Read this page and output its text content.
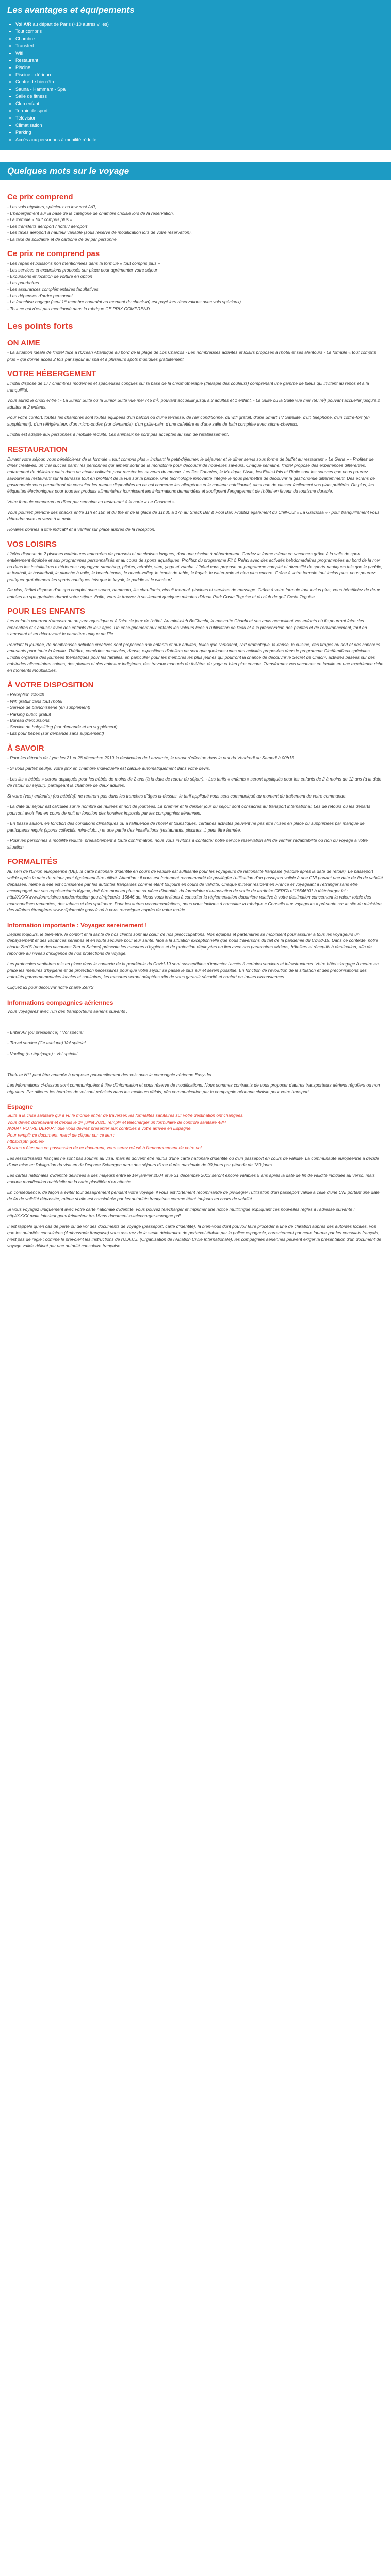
Les avantages et équipements
• Vol A/R au départ de Paris (+10 autres villes)
• Tout compris
• Chambre
• Transfert
• Wifi
• Restaurant
• Piscine
• Piscine extérieure
• Centre de bien-être
• Sauna - Hammam - Spa
• Salle de fitness
• Club enfant
• Terrain de sport
• Télévision
• Climatisation
• Parking
• Accès aux personnes à mobilité réduite
Quelques mots sur le voyage
Ce prix comprend

- Les vols réguliers, spécieux ou low cost A/R,

- L'hébergement sur la base de la catégorie de chambre choisie lors de la réservation,

- La formule « tout compris plus »

- Les transferts aéroport / hôtel / aéroport

- Les taxes aéroport à hauteur variable (sous réserve de modification lors de votre réservation),

- La taxe de solidarité et de carbone de 3€ par personne.

Ce prix ne comprend pas

- Les repas et boissons non mentionnées dans la formule « tout compris plus »

- Les services et excursions proposés sur place pour agrémenter votre séjour

- Excursions et location de voiture en option

- Les pourboires

- Les assurances complémentaires facultatives

- Les dépenses d'ordre personnel

- La franchise bagage (seul 1ᵉʳ membre contraint au moment du check-in) est payé lors réservations avec vols spéciaux)

- Tout ce qui n'est pas mentionné dans la rubrique CE PRIX COMPREND

Les points forts
ON AIME

- La situation idéale de l'hôtel face à l'Océan Atlantique au bord de la plage de Los Charcos - Les nombreuses activités et loisirs proposés à l'hôtel et ses alentours - La formule « tout compris plus » qui donne accès 2 fois par séjour au spa et à plusieurs spots musiques gratuitement

VOTRE HÉBERGEMENT

L'hôtel dispose de 177 chambres modernes et spacieuses conçues sur la base de la chromothérapie (thérapie des couleurs) comprenant une gamme de bleus qui invitent au repos et à la tranquillité.

Vous aurez le choix entre : - La Junior Suite ou la Junior Suite vue mer (45 m²) pouvant accueillir jusqu'à 2 adultes et 1 enfant. - La Suite ou la Suite vue mer (50 m²) pouvant accueillir jusqu'à 2 adultes et 2 enfants.

Pour votre confort, toutes les chambres sont toutes équipées d'un balcon ou d'une terrasse, de l'air conditionné, du wifi gratuit, d'une Smart TV Satellite, d'un téléphone, d'un coffre-fort (en supplément), d'un réfrigérateur, d'un micro-ondes (sur demande), d'un grille-pain, d'une cafetière et d'une salle de bain complète avec sèche-cheveux.

L'hôtel est adapté aux personnes à mobilité réduite. Les animaux ne sont pas acceptés au sein de l'établissement.

RESTAURATION

Durant votre séjour, vous bénéficierez de la formule « tout compris plus » incluant le petit-déjeuner, le déjeuner et le dîner servis sous forme de buffet au restaurant « Le Geria » - Profitez de dîner créatives, un vrai succès parmi les personnes qui aiment sortir de la monotonie pour découvrir de nouvelles saveurs. Chaque semaine, l'hôtel propose des expériences différentes, notamment de délicieux plats dans un atelier culinaire pour recréer les saveurs du monde. Les îles Canaries, le Mexique, l'Asie, les États-Unis et l'Italie sont les sources que vous pourrez savourer au restaurant sur la terrasse tout en profitant de la vue sur la piscine. Une technologie innovante intégré le nous permettra de découvrir la gastronomie différemment. Des écrans de gastronomie vous permettront de consulter les menus disponibles en ce qui concerne les allergènes et le contenu nutritionnel, ainsi que de classer facilement vos plats préférés. De plus, les étiquettes électroniques pour tous les produits alimentaires fournissent les informations demandées et soulignent l'engagement de l'hôtel en faveur du tourisme durable.

Votre formule comprend un dîner par semaine au restaurant à la carte « Le Gourmet ».

Vous pourrez prendre des snacks entre 11h et 16h et du thé et de la glace de 11h30 à 17h au Snack Bar & Pool Bar. Profitez également du Chill-Out « La Graciosa » - pour tranquillement vous détendre avec un verre à la main.

Horaires donnés à titre indicatif et à vérifier sur place auprès de la réception.

VOS LOISIRS

L'hôtel dispose de 2 piscines extérieures entourées de parasols et de chaises longues, dont une piscine à débordement. Gardez la forme même en vacances grâce à la salle de sport entièrement équipée et aux programmes personnalisés et au cours de sports aquatiques. Profitez du programme Fit & Relax avec des activités hebdomadaires programmées au bord de la mer ou dans les installations extérieures : aquagym, stretching, pilates, aérobic, step, yoga et zumba. L'hôtel vous propose un programme complet et diversifié de sports nautiques tels que le paddle, le football, le basketball, la planche à voile, le beach-tennis, le beach-volley, le tennis de table, le kayak, le water-polo et bien plus encore. Grâce à votre formule tout inclus plus, vous pourrez pratiquer gratuitement les sports nautiques tels que le kayak, le paddle et le windsurf.

De plus, l'hôtel dispose d'un spa complet avec sauna, hammam, lits chauffants, circuit thermal, piscines et services de massage. Grâce à votre formule tout inclus plus, vous bénéficiez de deux entrées au spa gratuites durant votre séjour. Enfin, vous le trouvez à seulement quelques minutes d'Aqua Park Costa Teguise et du club de golf Costa Teguise.

POUR LES ENFANTS

Les enfants pourront s'amuser au un parc aquatique et à l'aire de jeux de l'hôtel. Au mini-club BeChachi, la mascotte Chachi et ses amis accueillent vos enfants où ils pourront faire des rencontres et s'amuser avec des enfants de leur âges. Un enseignement aux enfants les valeurs liées à l'utilisation de l'eau et à la préservation des plantes et de l'environnement, tout en s'amusant et en découvrant le caractère unique de l'île.

Pendant la journée, de nombreuses activités créatives sont proposées aux enfants et aux adultes, telles que l'artisanat, l'art dramatique, la danse, la cuisine, des tirages au sort et des concours amusants pour toute la famille. Théâtre, comédies musicales, danse, expositions d'ateliers ne sont que quelques-unes des activités proposées dans le programme Cinéfamiliaux spéciales. L'hôtel organise des journées thématiques pour les familles, en particulier pour les membres les plus jeunes qui pourront la chance de découvrir le Secret de Chachi, activités basées sur des habitudes alimentaires saines, des plantes et des animaux indigènes, des travaux manuels du théâtre, du yoga et bien plus encore. Transformez vos vacances en famille en une expérience riche en moments inoubliables.

À VOTRE DISPOSITION

- Réception 24/24h

- Wifi gratuit dans tout l'hôtel

- Service de blanchisserie (en supplément)

- Parking public gratuit

- Bureau d'excursions

- Service de babysitting (sur demande et en supplément)

- Lits pour bébés (sur demande sans supplément)

À SAVOIR

- Pour les départs de Lyon les 21 et 28 décembre 2019 la destination de Lanzarote, le retour s'effectue dans la nuit du Vendredi au Samedi à 00h15

- Si vous partez seul(e) votre prix en chambre individuelle est calculé automatiquement dans votre devis.

- Les lits « bébés » seront appliqués pour les bébés de moins de 2 ans (à la date de retour du séjour). - Les tarifs « enfants » seront appliqués pour les enfants de 2 à moins de 12 ans (à la date de retour du séjour), partageant la chambre de deux adultes.

Si votre (vos) enfant(s) (ou bébé(s)) ne rentrent pas dans les tranches d'âges ci-dessus, le tarif appliqué vous sera communiqué au moment du traitement de votre commande.

- La date du séjour est calculée sur le nombre de nuitées et non de journées. La premier et le dernier jour du séjour sont consacrés au transport international. Les de retours ou les départs pourront avoir lieu en cours de nuit en fonction des horaires imposés par les compagnies aériennes.

- En basse saison, en fonction des conditions climatiques ou à l'affluence de l'hôtel et touristiques, certaines activités peuvent ne pas être mises en place ou supprimées par manque de participants requis (sports collectifs, mini-club...) et une partie des installations (restaurants, piscines...) peut être fermée.

- Pour les personnes à mobilité réduite, préalablement à toute confirmation, nous vous invitons à contacter notre service réservation afin de vérifier l'adaptabilité ou non du voyage à votre situation.

FORMALITÉS

Au sein de l'Union européenne (UE), la carte nationale d'identité en cours de validité est suffisante pour les voyageurs de nationalité française (validité après la date de retour). Le passeport valide après la date de retour peut également être utilisé. Attention : il vous est fortement recommandé de privilégier l'utilisation d'un passeport valide à une CNI portant une date de fin de validité dépassée, même si elle est considérée par les autorités françaises comme étant toujours en cours de validité. Chaque mineur résident en France et voyageant à l'étranger sans être accompagné par ses représentants légaux, doit être muni en plus de sa pièce d'identité, du formulaire d'autorisation de sortie de territoire CERFA n°15646*01 à télécharger ici : http//XXXXwww.formulaires.modernisation.gouv.fr/gf/cerfa_15646.do. Nous vous invitons à consulter la réglementation douanière relative à votre destination concernant la valeur totale des marchandises ramenées, des tabacs et des spiritueux. Pour les autres recommandations, nous vous invitons à consulter la rubrique « Conseils aux voyageurs » présente sur le site du ministère des affaires étrangères www.diplomatie.gouv.fr où à vous renseigner auprès de votre mairie.

Information importante : Voyagez sereinement !

Depuis toujours, le bien-être, le confort et la santé de nos clients sont au cœur de nos préoccupations. Nos équipes et partenaires se mobilisent pour assurer à tous les voyageurs un dépaysement et des vacances sereines et en toute sécurité pour leur santé, face à la situation exceptionnelle que nous traversons du fait de la pandémie du Covid-19. Dans ce contexte, notre charte Zen'S (pour des vacances Zen et Saines) présente les mesures d'hygiène et de protection déployées en lien avec nos partenaires aériens, hôteliers et réceptifs à destination, afin de répondre au niveau d'exigence de nos protections de voyage.

Les protocoles sanitaires mis en place dans le contexte de la pandémie du Covid-19 sont susceptibles d'impacter l'accès à certains services et infrastructures. Votre hôtel s'engage à mettre en place les mesures d'hygiène et de protection nécessaires pour que votre séjour se passe le plus sûr et serein possible. En fonction de l'évolution de la situation et des préconisations des autorités gouvernementales locales et sanitaires, les mesures seront adaptées afin de vous garantir sécurité et confort en toutes circonstances.

Cliquez ici pour découvrir notre charte Zen'S

Informations compagnies aériennes

Vous voyagerez avec l'un des transporteurs aériens suivants :

- Enter Air (ou présidence) : Vol spécial

- Travel service (Ce telelupe) Vol spécial

- Vueling (ou équipage) : Vol spécial

Theluxe.N°1 peut être amenée à proposer ponctuellement des vols avec la compagnie aérienne Easy Jet

Les informations ci-dessus sont communiquées à titre d'information et sous réserve de modifications. Nous sommes contraints de vous proposer d'autres transporteurs aériens réguliers ou non réguliers. Par ailleurs les horaires de vol sont précisés dans les meilleurs délais, dès communication par la compagnie aérienne choisie pour votre transport.

Espagne

Suite à la crise sanitaire qui a vu le monde entier de traverser, les formalités sanitaires sur votre destination ont changées.

Vous devez dorénavant et depuis le 1ᵉʳ juillet 2020, remplir et télécharger un formulaire de contrôle sanitaire 48H

AVANT VOTRE DEPART que vous devrez présenter aux contrôles à votre arrivée en Espagne.

Pour remplir ce document, merci de cliquer sur ce lien :

https://spth.gob.es/

Si vous n'êtes pas en possession de ce document, vous serez refusé à l'embarquement de votre vol.

Les ressortissants français ne sont pas soumis au visa, mais ils doivent être munis d'une carte nationale d'identité ou d'un passeport en cours de validité. La communauté européenne a décidé d'une mise en l'obligation du visa en de l'espace Schengen dans des séjours d'une durée maximale de 90 jours par période de 180 jours.

Les cartes nationales d'identité délivrées à des majeurs entre le 1er janvier 2004 et le 31 décembre 2013 seront encore valables 5 ans après la date de fin de validité indiquée au verso, mais aucune modification matérielle de la carte plastifiée n'en atteste.

En conséquence, de façon à éviter tout désagrément pendant votre voyage, il vous est fortement recommandé de privilégier l'utilisation d'un passeport valide à celle d'une CNI portant une date de fin de validité dépassée, même si elle est considérée par les autorités françaises comme étant toujours en cours de validité.

Si vous voyagez uniquement avec votre carte nationale d'identité, vous pouvez télécharger et imprimer une notice multilingue expliquant ces nouvelles règles à l'adresse suivante : http//XXXX.mdia.interieur.gouv.fr/interieur.trn-15ans document-a-telecharger-espagne.pdf.

Il est rappelé qu'en cas de perte ou de vol des documents de voyage (passeport, carte d'identité), la bien-vous dont pouvoir faire procéder à une dé claration auprès des autorités locales, vos que les autorités consulaires (Ambassade française) vous assurez de la seule déclaration de perte/vol établie par la police espagnole, correctement par cette fourme par les consulats français, n'est pas de règle : comme le prévoient les instructions de l'O.A.C.I. (Organisation de l'Aviation Civile Internationale), les compagnies aériennes peuvent exiger la présentation d'un document de voyage valide délivré par une autorité consulaire française.
